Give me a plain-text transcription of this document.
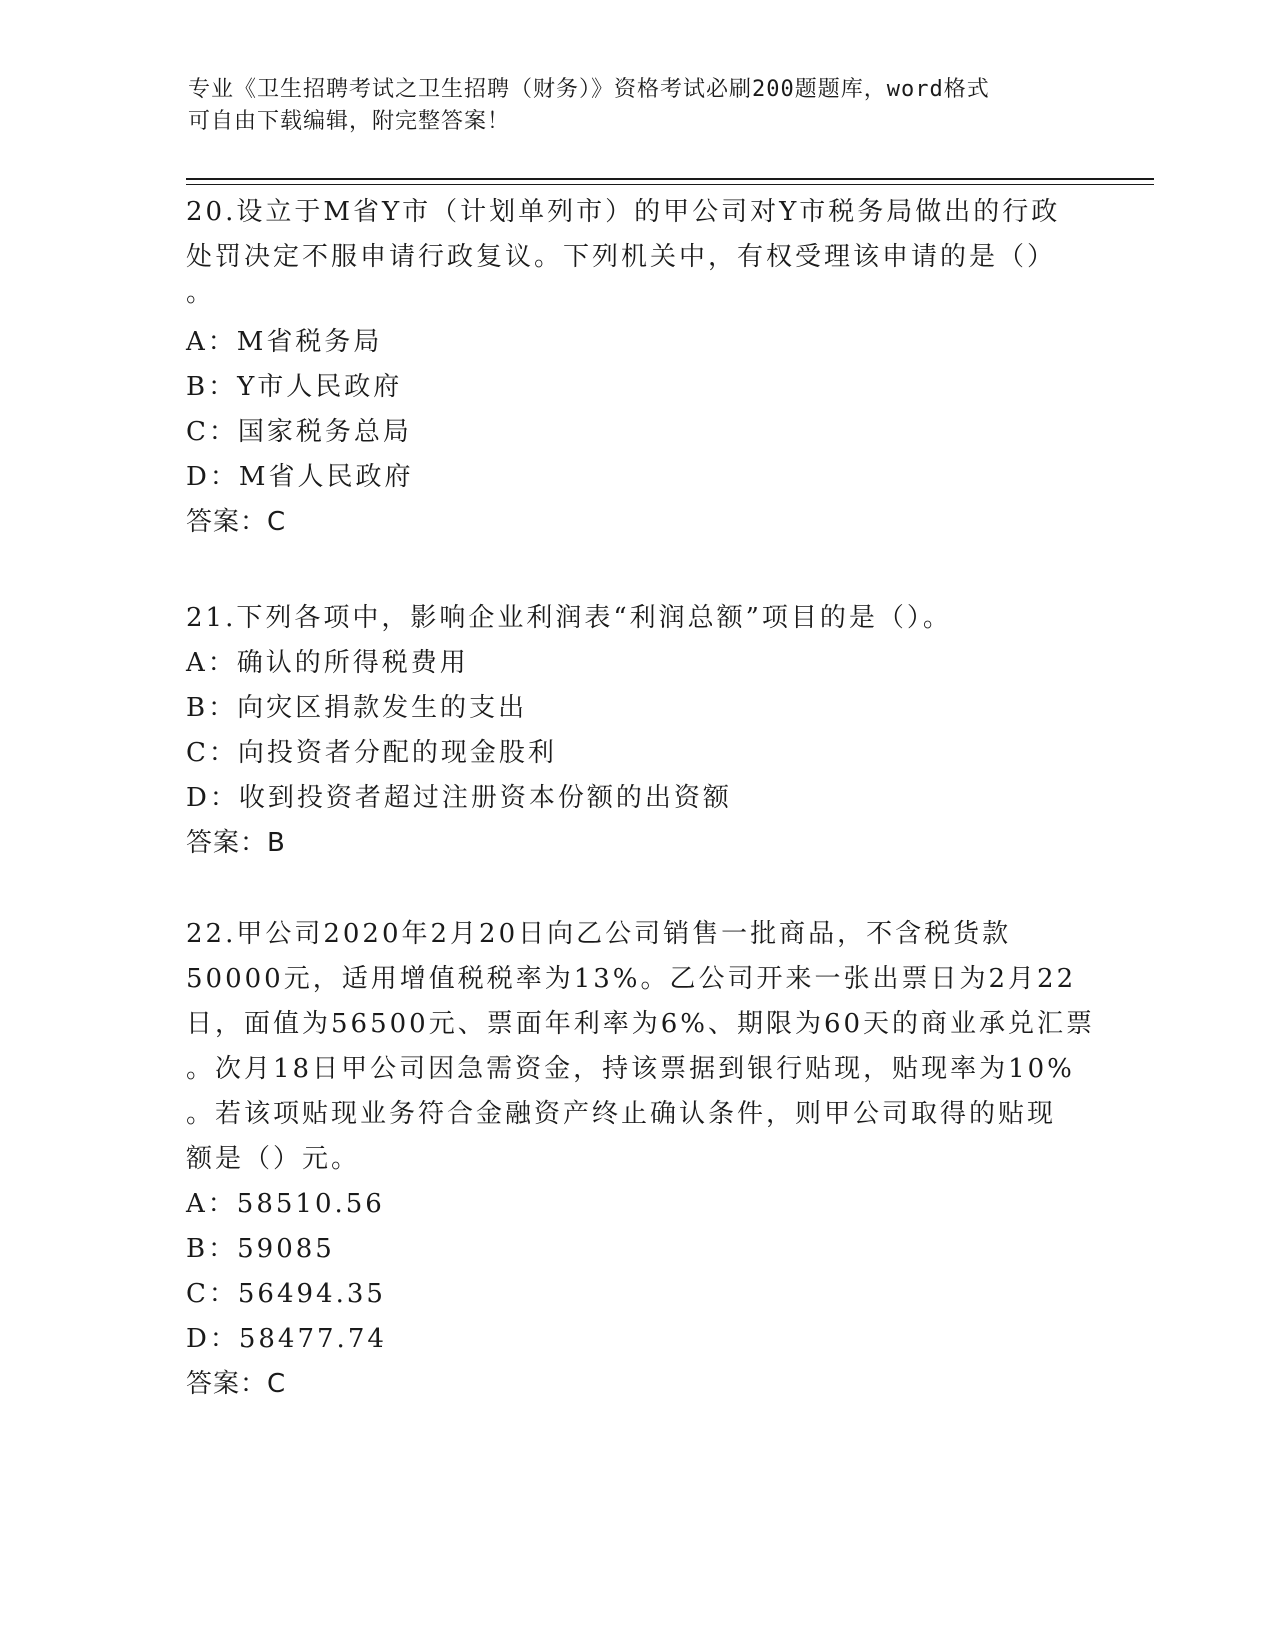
专业《卫生招聘考试之卫生招聘（财务）》资格考试必刷200题题库，word格式
可自由下载编辑，附完整答案！
20.设立于M省Y市（计划单列市）的甲公司对Y市税务局做出的行政
处罚决定不服申请行政复议。下列机关中，有权受理该申请的是（）
。
A：M省税务局
B：Y市人民政府
C：国家税务总局
D：M省人民政府
答案：C
21.下列各项中，影响企业利润表“利润总额”项目的是（）。
A：确认的所得税费用
B：向灾区捐款发生的支出
C：向投资者分配的现金股利
D：收到投资者超过注册资本份额的出资额
答案：B
22.甲公司2020年2月20日向乙公司销售一批商品，不含税货款
50000元，适用增值税税率为13%。乙公司开来一张出票日为2月22
日，面值为56500元、票面年利率为6%、期限为60天的商业承兑汇票
。次月18日甲公司因急需资金，持该票据到银行贴现，贴现率为10%
。若该项贴现业务符合金融资产终止确认条件，则甲公司取得的贴现
额是（）元。
A：58510.56
B：59085
C：56494.35
D：58477.74
答案：C
